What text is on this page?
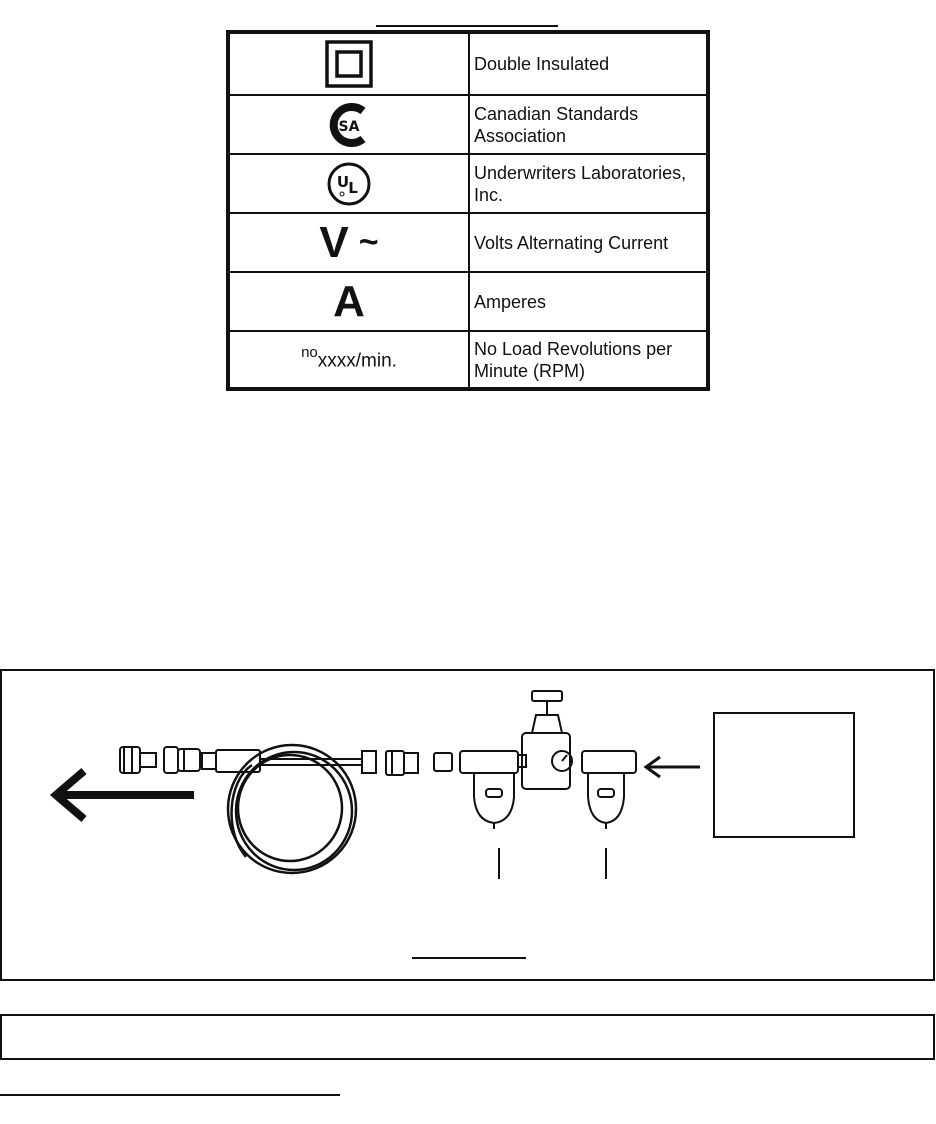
Double Insulated
SA
Canadian Standards Association
U L
Underwriters Laboratories, Inc.
V ~	Volts Alternating Current
A	Amperes
$^{no}$xxxx/min.
No Load Revolutions per Minute (RPM)
